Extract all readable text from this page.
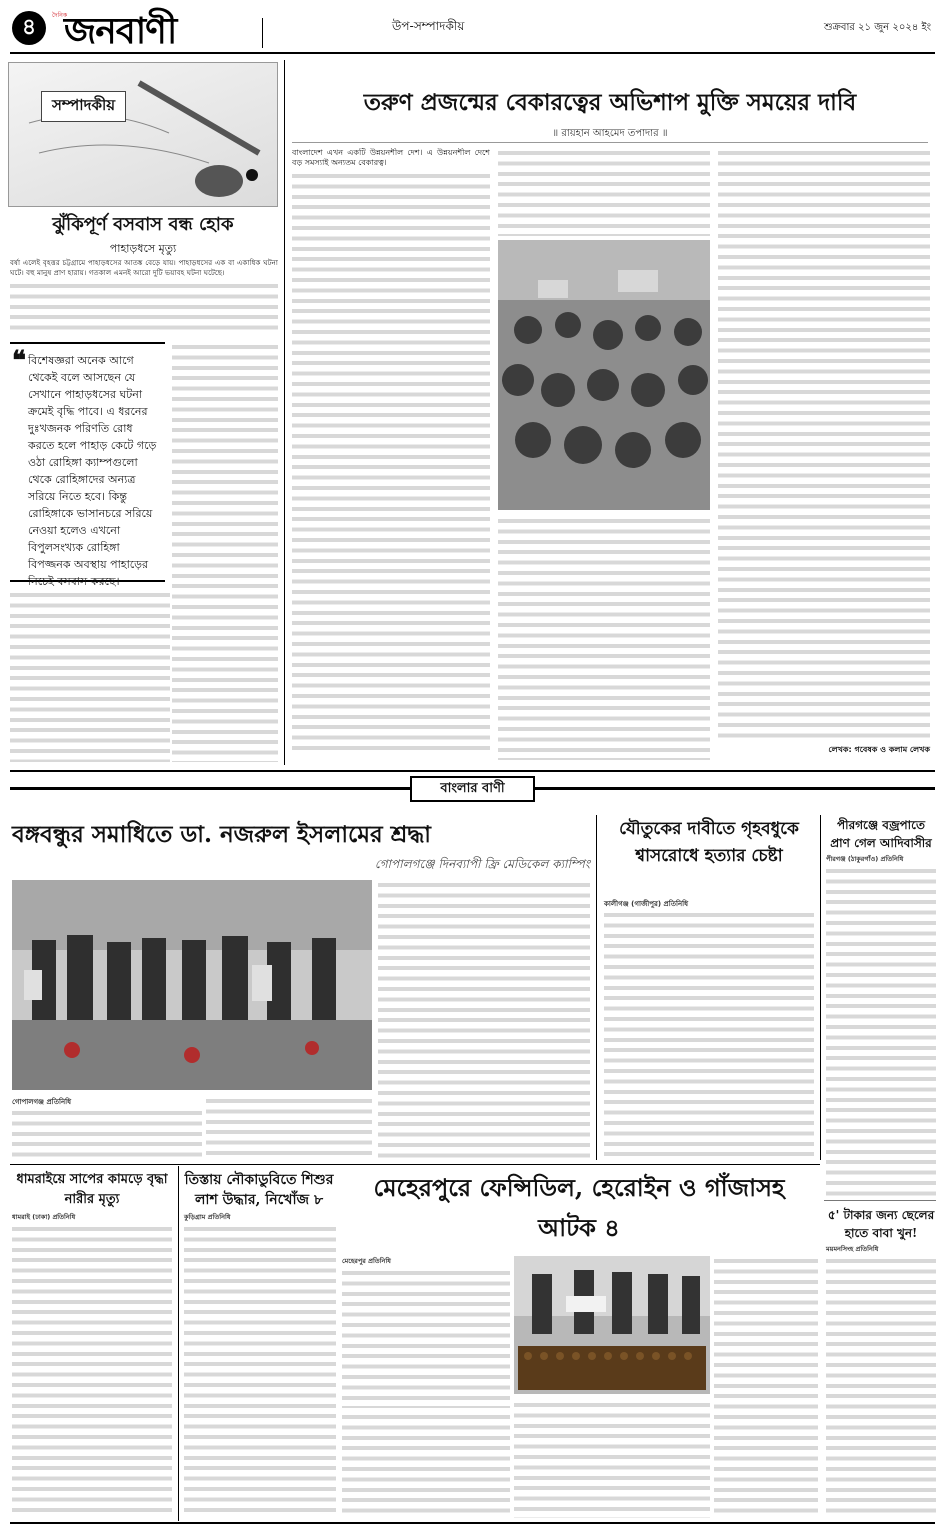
৪	দৈনিক
জনবাণী	উপ-সম্পাদকীয়	শুক্রবার ২১ জুন ২০২৪ ইং
সম্পাদকীয়
ঝুঁকিপূর্ণ বসবাস বন্ধ হোক
পাহাড়ধসে মৃত্যু
বর্ষা এলেই বৃহত্তর চট্টগ্রামে পাহাড়ধসের আতঙ্ক বেড়ে যায়। পাহাড়ধসের এক বা একাধিক ঘটনা ঘটে। বহু মানুষ প্রাণ হারায়। গতকাল এমনই আরো দুটি ভয়াবহ ঘটনা ঘটেছে।
❝ বিশেষজ্ঞরা অনেক আগে থেকেই বলে আসছেন যে সেখানে পাহাড়ধসের ঘটনা ক্রমেই বৃদ্ধি পাবে। এ ধরনের দুঃখজনক পরিণতি রোধ করতে হলে পাহাড় কেটে গড়ে ওঠা রোহিঙ্গা ক্যাম্পগুলো থেকে রোহিঙ্গাদের অন্যত্র সরিয়ে নিতে হবে। কিন্তু রোহিঙ্গাকে ভাসানচরে সরিয়ে নেওয়া হলেও এখনো বিপুলসংখ্যক রোহিঙ্গা বিপজ্জনক অবস্থায় পাহাড়ের নিচেই বসবাস করছে।
তরুণ প্রজন্মের বেকারত্বের অভিশাপ মুক্তি সময়ের দাবি
॥ রায়হান আহমেদ তপাদার ॥
বাংলাদেশ এখন একটি উন্নয়নশীল দেশ। এ উন্নয়নশীল দেশে বড় সমস্যাই অন্যতম বেকারত্ব।
লেখক: গবেষক ও কলাম লেখক
বাংলার বাণী
বঙ্গবন্ধুর সমাধিতে ডা. নজরুল ইসলামের শ্রদ্ধা
গোপালগঞ্জে দিনব্যাপী ফ্রি মেডিকেল ক্যাম্পিং
গোপালগঞ্জ প্রতিনিধি
যৌতুকের দাবীতে গৃহবধুকে শ্বাসরোধে হত্যার চেষ্টা
কালীগঞ্জ (গাজীপুর) প্রতিনিধি
পীরগঞ্জে বজ্রপাতে প্রাণ গেল আদিবাসীর
পীরগঞ্জ (ঠাকুরগাঁও) প্রতিনিধি
৫' টাকার জন্য ছেলের হাতে বাবা খুন!
ময়মনসিংহ প্রতিনিধি
ধামরাইয়ে সাপের কামড়ে বৃদ্ধা নারীর মৃত্যু
ধামরাই (ঢাকা) প্রতিনিধি
তিস্তায় নৌকাডুবিতে শিশুর লাশ উদ্ধার, নিখোঁজ ৮
কুড়িগ্রাম প্রতিনিধি
মেহেরপুরে ফেন্সিডিল, হেরোইন ও গাঁজাসহ আটক ৪
মেহেরপুর প্রতিনিধি
